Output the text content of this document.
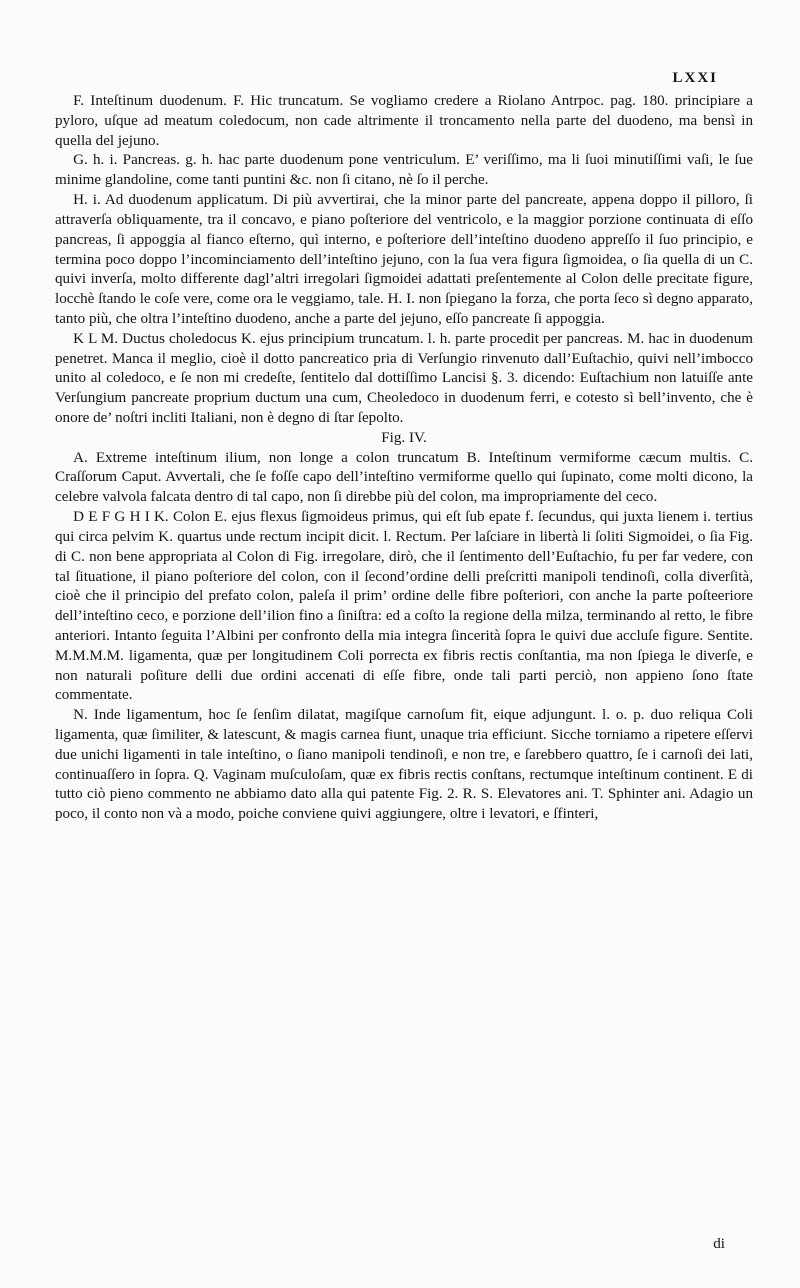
LXXI

F. Inteſtinum duodenum. F. Hic truncatum. Se vogliamo credere a Riolano Antrpoc. pag. 180. principiare a pyloro, uſque ad meatum coledocum, non cade altrimente il troncamento nella parte del duodeno, ma bensì in quella del jejuno.

G. h. i. Pancreas. g. h. hac parte duodenum pone ventriculum. E’ veriſſimo, ma li ſuoi minutiſſimi vaſi, le ſue minime glandoline, come tanti puntini &c. non ſi citano, nè ſo il perche.

H. i. Ad duodenum applicatum. Di più avvertirai, che la minor parte del pancreate, appena doppo il pilloro, ſi attraverſa obliquamente, tra il concavo, e piano poſteriore del ventricolo, e la maggior porzione continuata di eſſo pancreas, ſi appoggia al fianco eſterno, quì interno, e poſteriore dell’inteſtino duodeno appreſſo il ſuo principio, e termina poco doppo l’incominciamento dell’inteſtino jejuno, con la ſua vera figura ſigmoidea, o ſia quella di un C. quivi inverſa, molto differente dagl’altri irregolari ſigmoidei adattati preſentemente al Colon delle precitate figure, locchè ſtando le coſe vere, come ora le veggiamo, tale. H. I. non ſpiegano la forza, che porta ſeco sì degno apparato, tanto più, che oltra l’inteſtino duodeno, anche a parte del jejuno, eſſo pancreate ſi appoggia.

K L M. Ductus choledocus K. ejus principium truncatum. l. h. parte procedit per pancreas. M. hac in duodenum penetret. Manca il meglio, cioè il dotto pancreatico pria di Verſungio rinvenuto dall’Euſtachio, quivi nell’imbocco unito al coledoco, e ſe non mi credeſte, ſentitelo dal dottiſſimo Lancisi §. 3. dicendo: Euſtachium non latuiſſe ante Verſungium pancreate proprium ductum una cum, Cheoledoco in duodenum ferri, e cotesto sì bell’invento, che è onore de’ noſtri incliti Italiani, non è degno di ſtar ſepolto.

Fig. IV.

A. Extreme inteſtinum ilium, non longe a colon truncatum B. Inteſtinum vermiforme cæcum multis. C. Craſſorum Caput. Avvertali, che ſe foſſe capo dell’inteſtino vermiforme quello qui ſupinato, come molti dicono, la celebre valvola falcata dentro di tal capo, non ſi direbbe più del colon, ma impropriamente del ceco.

D E F G H I K. Colon E. ejus flexus ſigmoideus primus, qui eſt ſub epate f. ſecundus, qui juxta lienem i. tertius qui circa pelvim K. quartus unde rectum incipit dicit. l. Rectum. Per laſciare in libertà li ſoliti Sigmoidei, o ſia Fig. di C. non bene appropriata al Colon di Fig. irregolare, dirò, che il ſentimento dell’Euſtachio, fu per far vedere, con tal ſituatione, il piano poſteriore del colon, con il ſecond’ordine delli preſcritti manipoli tendinoſi, colla diverſità, cioè che il principio del prefato colon, paleſa il prim’ ordine delle fibre poſteriori, con anche la parte poſteeriore dell’inteſtino ceco, e porzione dell’ilion fino a ſiniſtra: ed a coſto la regione della milza, terminando al retto, le fibre anteriori. Intanto ſeguita l’Albini per confronto della mia integra ſincerità ſopra le quivi due accluſe figure. Sentite. M.M.M.M. ligamenta, quæ per longitudinem Coli porrecta ex fibris rectis conſtantia, ma non ſpiega le diverſe, e non naturali poſiture delli due ordini accenati di eſſe fibre, onde tali parti perciò, non appieno ſono ſtate commentate.

N. Inde ligamentum, hoc ſe ſenſim dilatat, magiſque carnoſum fit, eique adjungunt. l. o. p. duo reliqua Coli ligamenta, quæ ſimiliter, & latescunt, & magis carnea fiunt, unaque tria efficiunt. Sicche torniamo a ripetere eſſervi due unichi ligamenti in tale inteſtino, o ſiano manipoli tendinoſi, e non tre, e ſarebbero quattro, ſe i carnoſi dei lati, continuaſſero in ſopra. Q. Vaginam muſculoſam, quæ ex fibris rectis conſtans, rectumque inteſtinum continent. E di tutto ciò pieno commento ne abbiamo dato alla qui patente Fig. 2. R. S. Elevatores ani. T. Sphinter ani. Adagio un poco, il conto non và a modo, poiche conviene quivi aggiungere, oltre i levatori, e ſfinteri,

di
